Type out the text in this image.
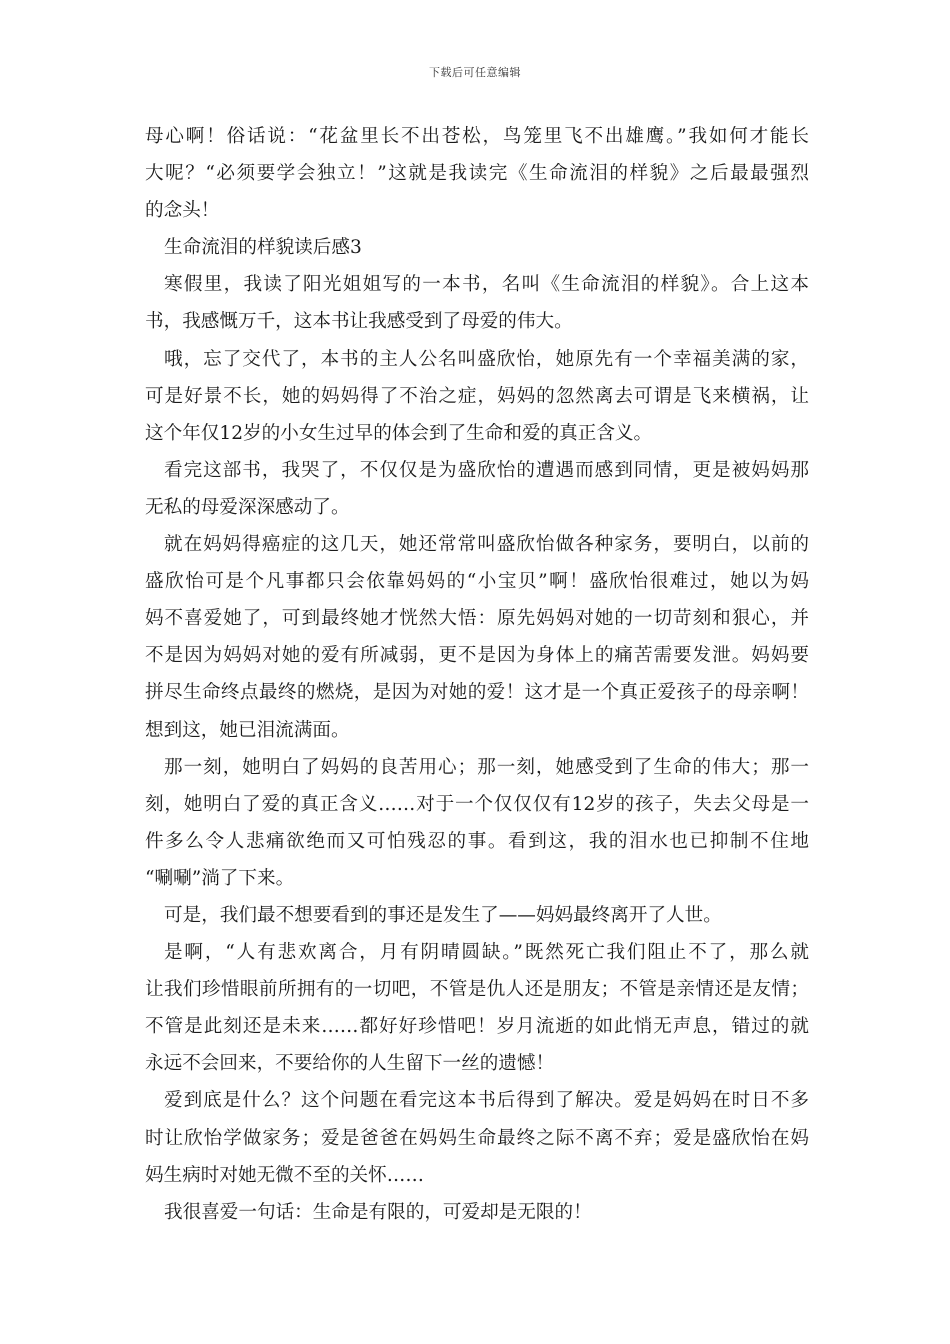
下载后可任意编辑
母心啊！俗话说：“花盆里长不出苍松，鸟笼里飞不出雄鹰。”我如何才能长
大呢？“必须要学会独立！”这就是我读完《生命流泪的样貌》之后最最强烈
的念头！
生命流泪的样貌读后感3
寒假里，我读了阳光姐姐写的一本书，名叫《生命流泪的样貌》。合上这本
书，我感慨万千，这本书让我感受到了母爱的伟大。
哦，忘了交代了，本书的主人公名叫盛欣怡，她原先有一个幸福美满的家，
可是好景不长，她的妈妈得了不治之症，妈妈的忽然离去可谓是飞来横祸，让
这个年仅12岁的小女生过早的体会到了生命和爱的真正含义。
看完这部书，我哭了，不仅仅是为盛欣怡的遭遇而感到同情，更是被妈妈那
无私的母爱深深感动了。
就在妈妈得癌症的这几天，她还常常叫盛欣怡做各种家务，要明白，以前的
盛欣怡可是个凡事都只会依靠妈妈的“小宝贝”啊！盛欣怡很难过，她以为妈
妈不喜爱她了，可到最终她才恍然大悟：原先妈妈对她的一切苛刻和狠心，并
不是因为妈妈对她的爱有所减弱，更不是因为身体上的痛苦需要发泄。妈妈要
拼尽生命终点最终的燃烧，是因为对她的爱！这才是一个真正爱孩子的母亲啊！
想到这，她已泪流满面。
那一刻，她明白了妈妈的良苦用心；那一刻，她感受到了生命的伟大；那一
刻，她明白了爱的真正含义……对于一个仅仅仅有12岁的孩子，失去父母是一
件多么令人悲痛欲绝而又可怕残忍的事。看到这，我的泪水也已抑制不住地
“唰唰”淌了下来。
可是，我们最不想要看到的事还是发生了——妈妈最终离开了人世。
是啊，“人有悲欢离合，月有阴晴圆缺。”既然死亡我们阻止不了，那么就
让我们珍惜眼前所拥有的一切吧，不管是仇人还是朋友；不管是亲情还是友情；
不管是此刻还是未来……都好好珍惜吧！岁月流逝的如此悄无声息，错过的就
永远不会回来，不要给你的人生留下一丝的遗憾！
爱到底是什么？这个问题在看完这本书后得到了解决。爱是妈妈在时日不多
时让欣怡学做家务；爱是爸爸在妈妈生命最终之际不离不弃；爱是盛欣怡在妈
妈生病时对她无微不至的关怀……
我很喜爱一句话：生命是有限的，可爱却是无限的！
